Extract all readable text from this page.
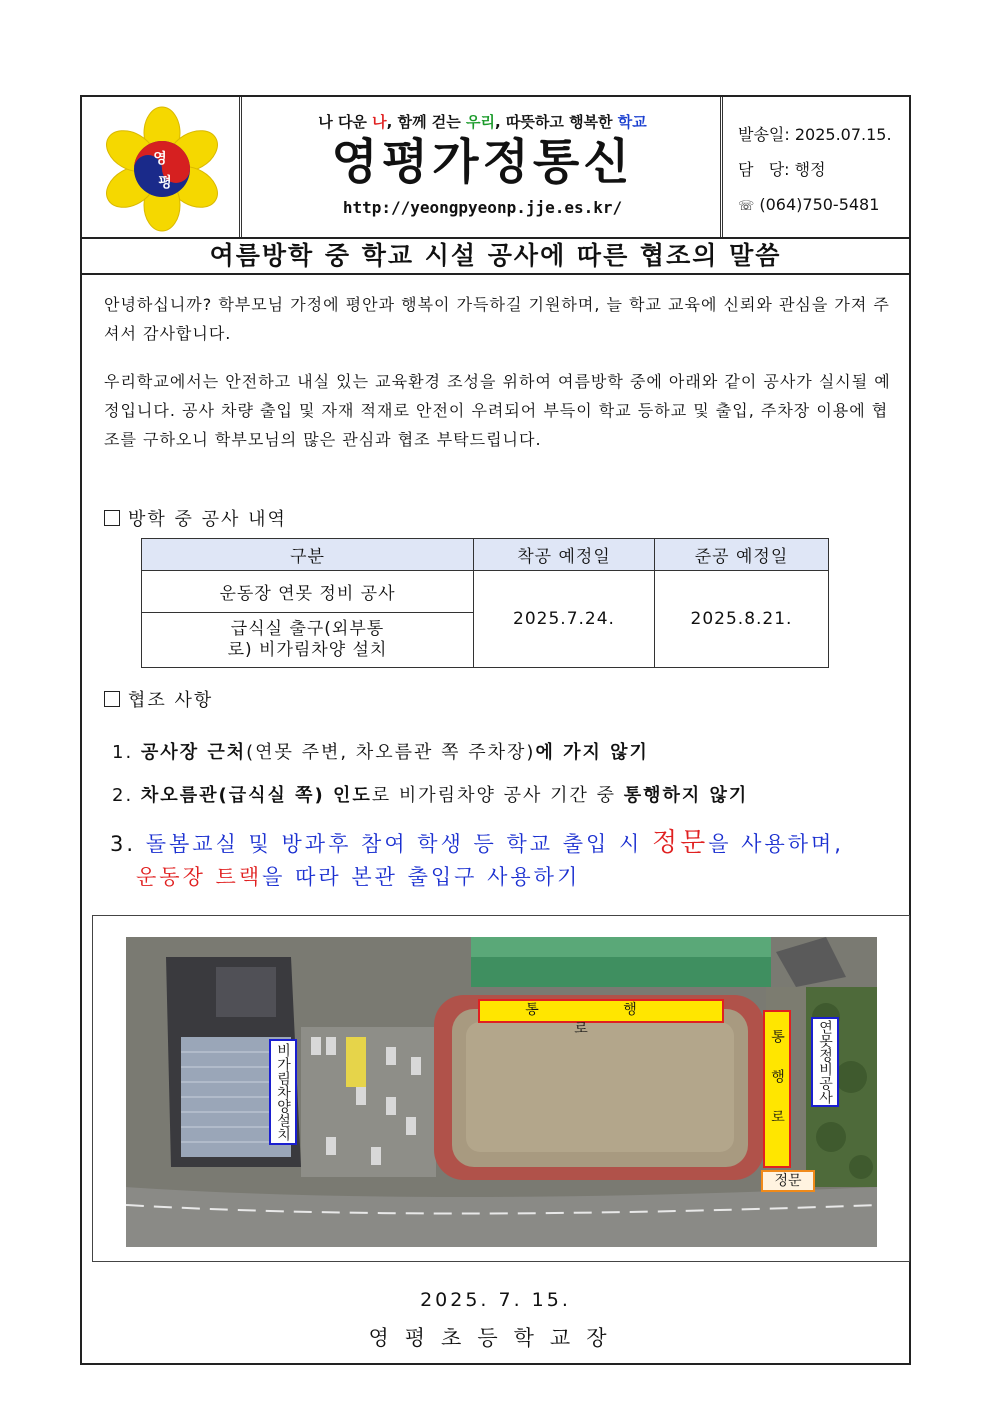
영
평
나 다운 나, 함께 걷는 우리, 따뜻하고 행복한 학교
영평가정통신
http://yeongpyeonp.jje.es.kr/
발송일: 2025.07.15.
담   당: 행정
☏ (064)750-5481
여름방학 중 학교 시설 공사에 따른 협조의 말씀
안녕하십니까? 학부모님 가정에 평안과 행복이 가득하길 기원하며, 늘 학교 교육에 신뢰와 관심을 가져 주셔서 감사합니다.
우리학교에서는 안전하고 내실 있는 교육환경 조성을 위하여 여름방학 중에 아래와 같이 공사가 실시될 예정입니다. 공사 차량 출입 및 자재 적재로 안전이 우려되어 부득이 학교 등하교 및 출입, 주차장 이용에 협조를 구하오니 학부모님의 많은 관심과 협조 부탁드립니다.
방학 중 공사 내역
구분	착공 예정일	준공 예정일
운동장 연못 정비 공사	2025.7.24.	2025.8.21.
급식실 출구(외부통로) 비가림차양 설치		
협조 사항
1. 공사장 근처(연못 주변, 차오름관 쪽 주차장)에 가지 않기
2. 차오름관(급식실 쪽) 인도로 비가림차양 공사 기간 중 통행하지 않기
3. 돌봄교실 및 방과후 참여 학생 등 학교 출입 시 정문을 사용하며,
운동장 트랙을 따라 본관 출입구 사용하기
통 행 로	통행로
정문
연못정비공사
비가림차양설치
2025. 7. 15.
영평초등학교장
